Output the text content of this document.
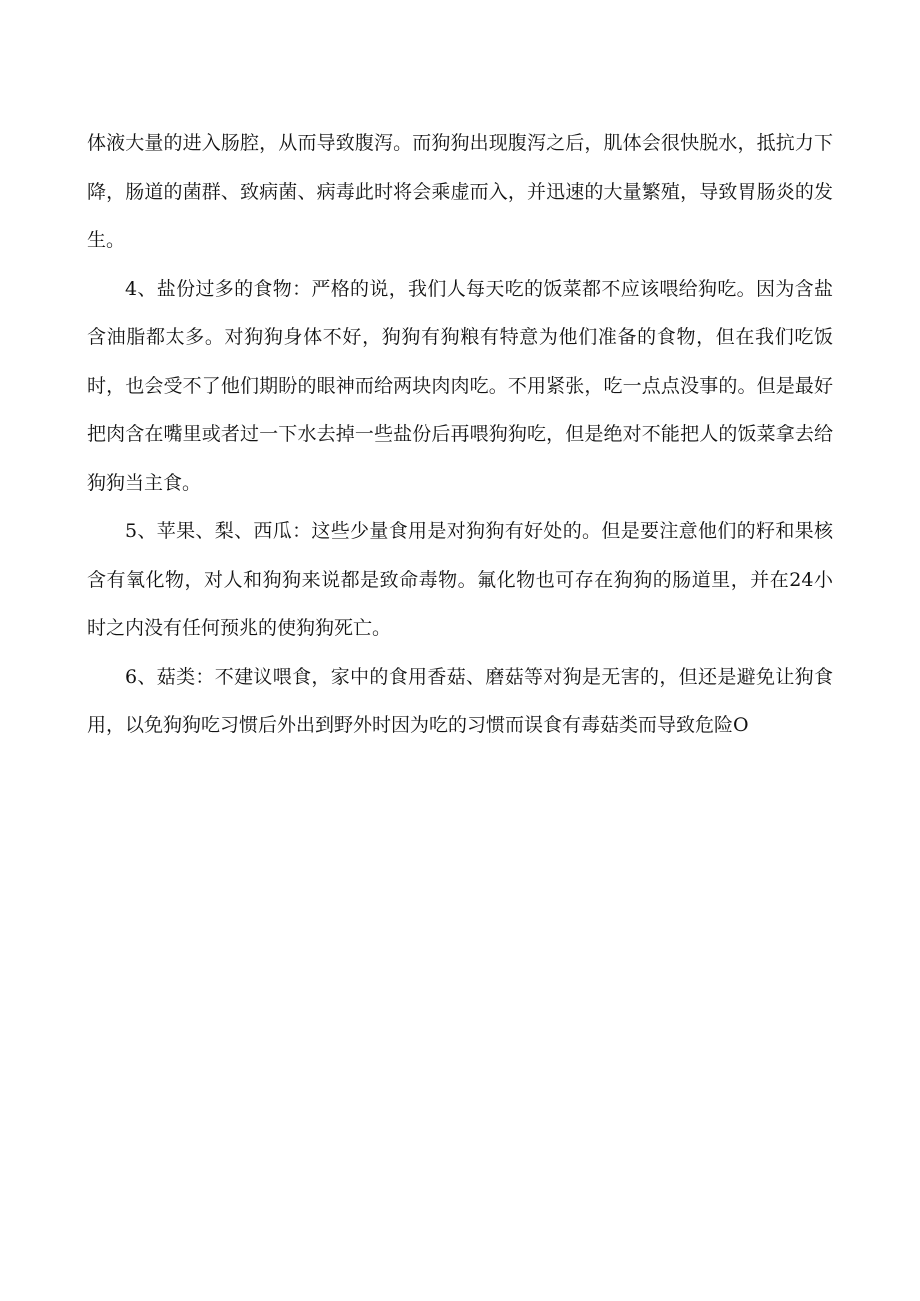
体液大量的进入肠腔，从而导致腹泻。而狗狗出现腹泻之后，肌体会很快脱水，抵抗力下降，肠道的菌群、致病菌、病毒此时将会乘虚而入，并迅速的大量繁殖，导致胃肠炎的发生。

4、盐份过多的食物：严格的说，我们人每天吃的饭菜都不应该喂给狗吃。因为含盐含油脂都太多。对狗狗身体不好，狗狗有狗粮有特意为他们准备的食物，但在我们吃饭时，也会受不了他们期盼的眼神而给两块肉肉吃。不用紧张，吃一点点没事的。但是最好把肉含在嘴里或者过一下水去掉一些盐份后再喂狗狗吃，但是绝对不能把人的饭菜拿去给狗狗当主食。

5、苹果、梨、西瓜：这些少量食用是对狗狗有好处的。但是要注意他们的籽和果核含有氧化物，对人和狗狗来说都是致命毒物。氟化物也可存在狗狗的肠道里，并在24小时之内没有任何预兆的使狗狗死亡。

6、菇类：不建议喂食，家中的食用香菇、磨菇等对狗是无害的，但还是避免让狗食用，以免狗狗吃习惯后外出到野外时因为吃的习惯而误食有毒菇类而导致危险O
